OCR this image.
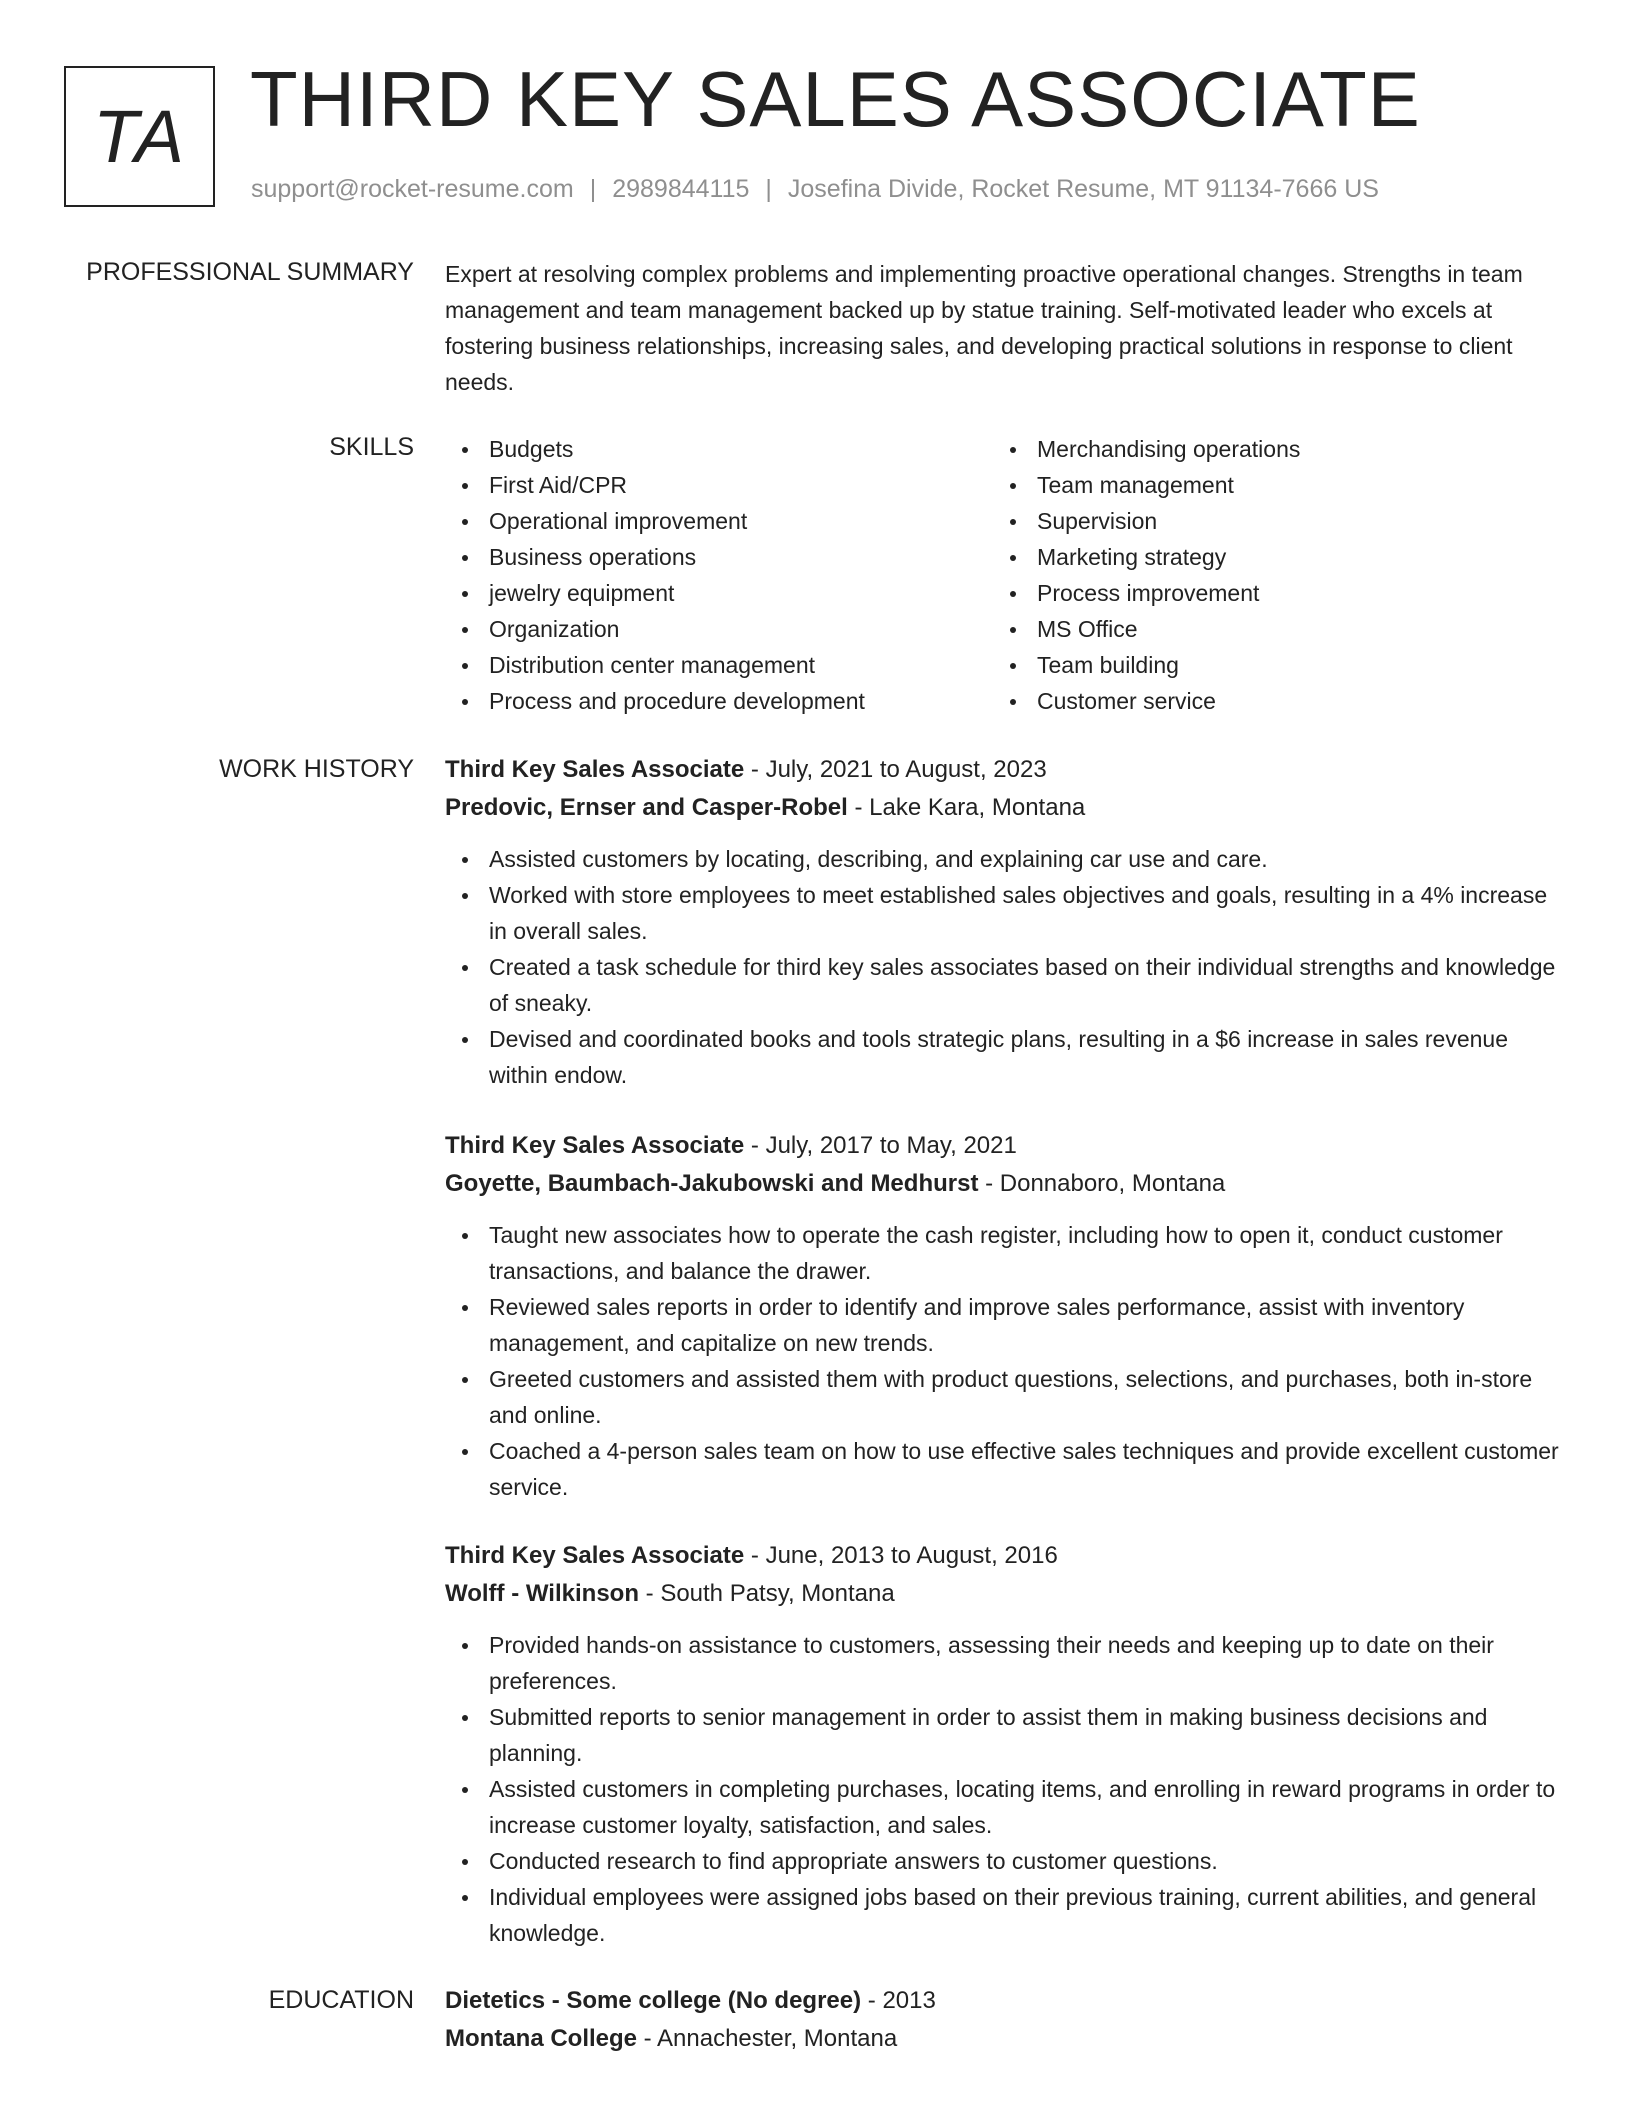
TA THIRD KEY SALES ASSOCIATE
support@rocket-resume.com | 2989844115 | Josefina Divide, Rocket Resume, MT 91134-7666 US
PROFESSIONAL SUMMARY Expert at resolving complex problems and implementing proactive operational changes. Strengths in team management and team management backed up by statue training. Self-motivated leader who excels at fostering business relationships, increasing sales, and developing practical solutions in response to client needs.

SKILLS	Budgets
First Aid/CPR
Operational improvement
Business operations
jewelry equipment
Organization
Distribution center management
Process and procedure development
Merchandising operations
Team management
Supervision
Marketing strategy
Process improvement
MS Office
Team building
Customer service
WORK HISTORY Third Key Sales Associate - July, 2021 to August, 2023
Predovic, Ernser and Casper-Robel - Lake Kara, Montana
Assisted customers by locating, describing, and explaining car use and care.
Worked with store employees to meet established sales objectives and goals, resulting in a 4% increase in overall sales.
Created a task schedule for third key sales associates based on their individual strengths and knowledge of sneaky.
Devised and coordinated books and tools strategic plans, resulting in a $6 increase in sales revenue within endow.
Third Key Sales Associate - July, 2017 to May, 2021
Goyette, Baumbach-Jakubowski and Medhurst - Donnaboro, Montana
Taught new associates how to operate the cash register, including how to open it, conduct customer transactions, and balance the drawer.
Reviewed sales reports in order to identify and improve sales performance, assist with inventory management, and capitalize on new trends.
Greeted customers and assisted them with product questions, selections, and purchases, both in-store and online.
Coached a 4-person sales team on how to use effective sales techniques and provide excellent customer service.
Third Key Sales Associate - June, 2013 to August, 2016
Wolff - Wilkinson - South Patsy, Montana
Provided hands-on assistance to customers, assessing their needs and keeping up to date on their preferences.
Submitted reports to senior management in order to assist them in making business decisions and planning.
Assisted customers in completing purchases, locating items, and enrolling in reward programs in order to increase customer loyalty, satisfaction, and sales.
Conducted research to find appropriate answers to customer questions.
Individual employees were assigned jobs based on their previous training, current abilities, and general knowledge.
EDUCATION Dietetics - Some college (No degree) - 2013
Montana College - Annachester, Montana
